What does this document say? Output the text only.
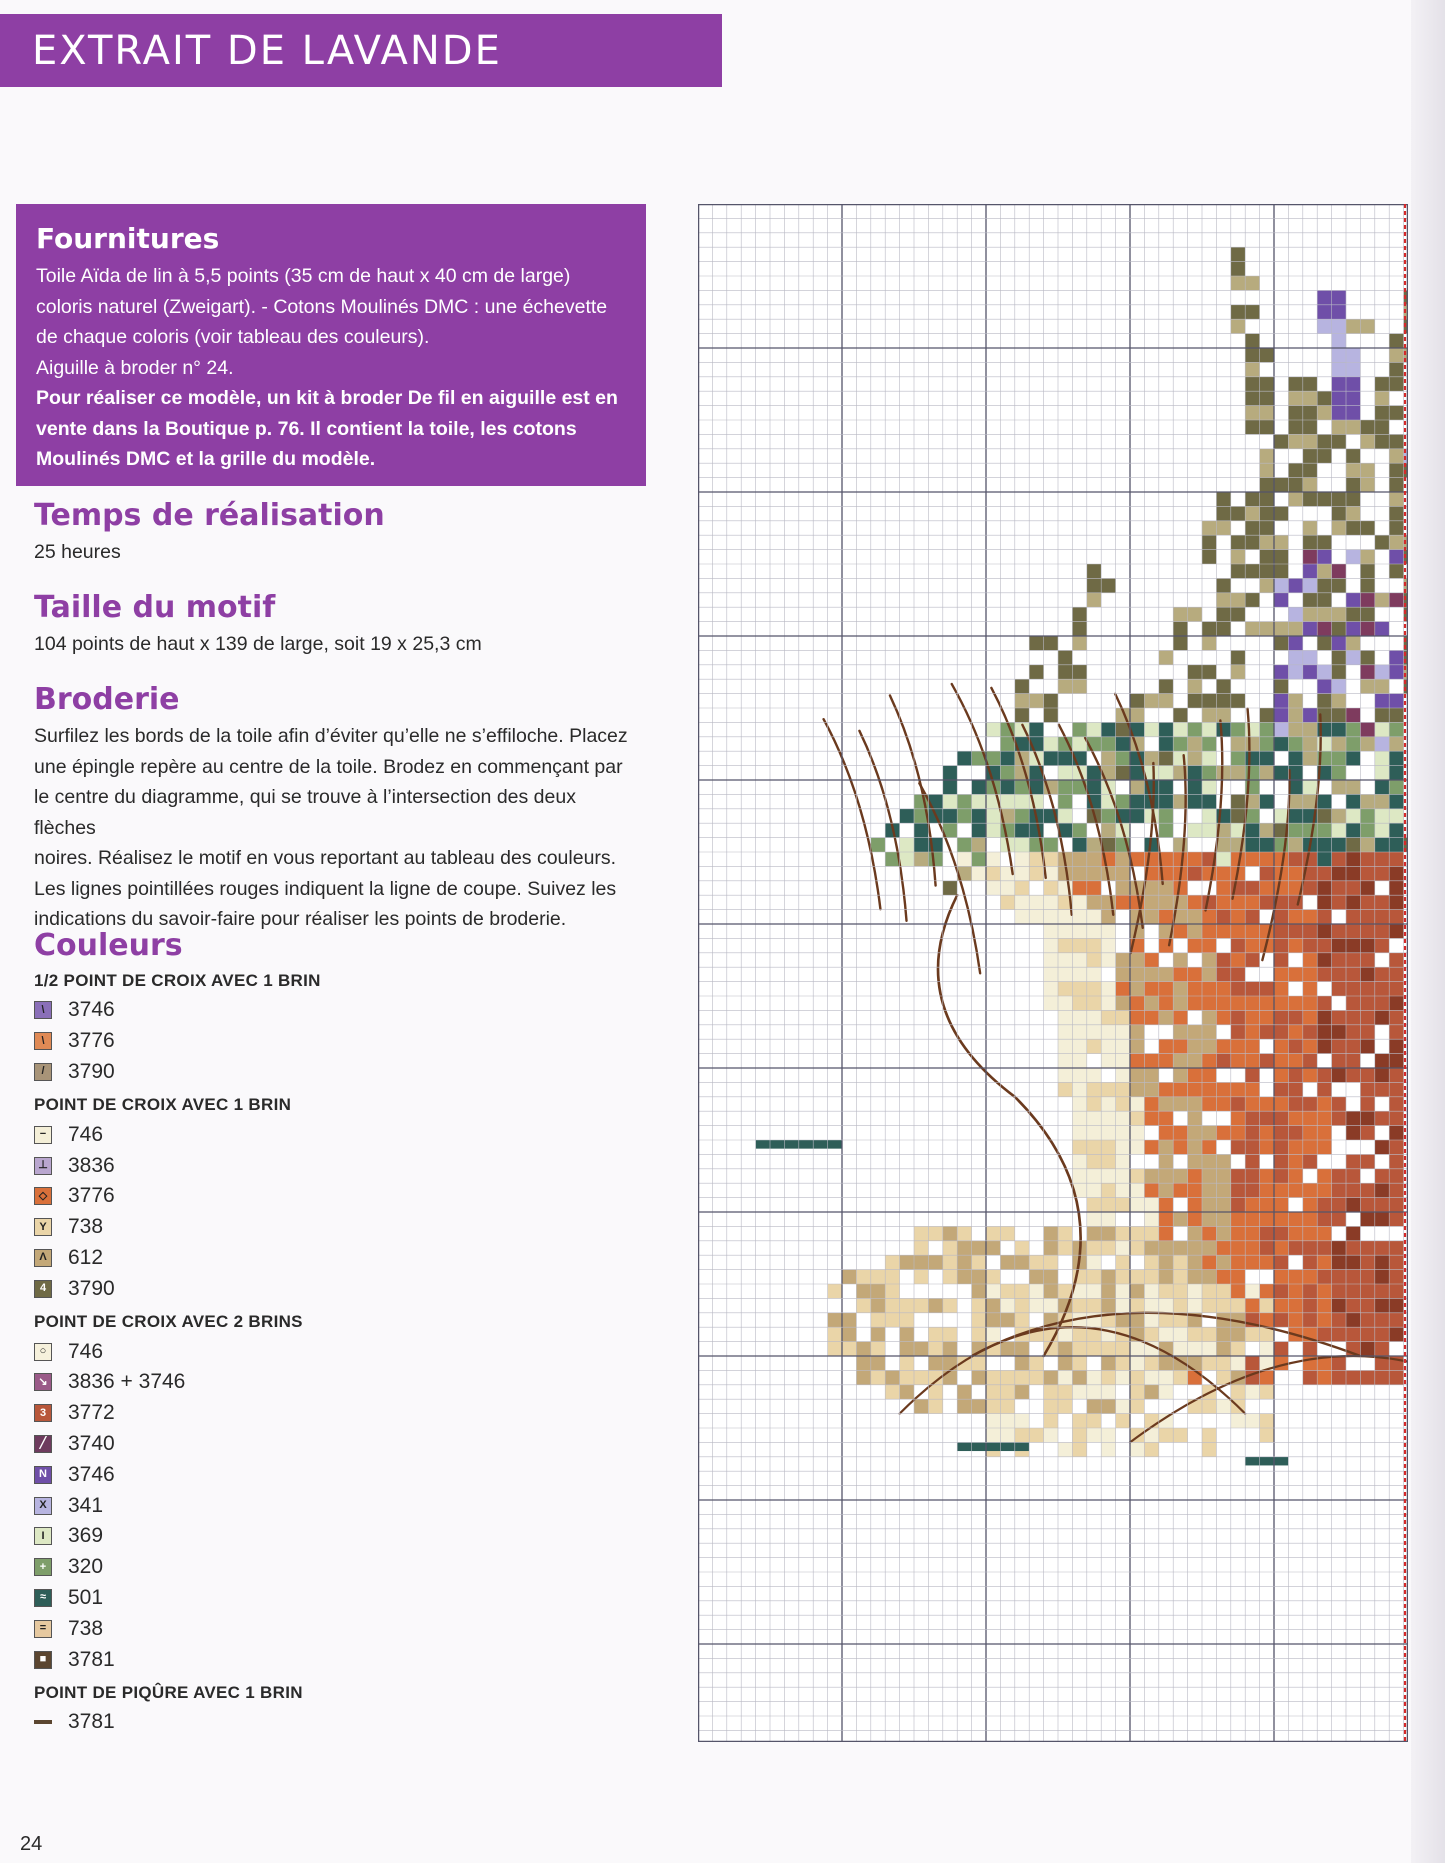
EXTRAIT DE LAVANDE
Fournitures

Toile Aïda de lin à 5,5 points (35 cm de haut x 40 cm de large)

coloris naturel (Zweigart). - Cotons Moulinés DMC : une échevette

de chaque coloris (voir tableau des couleurs).

Aiguille à broder n° 24.

Pour réaliser ce modèle, un kit à broder De fil en aiguille est en

vente dans la Boutique p. 76. Il contient la toile, les cotons

Moulinés DMC et la grille du modèle.

Temps de réalisation

25 heures

Taille du motif

104 points de haut x 139 de large, soit 19 x 25,3 cm

Broderie

Surfilez les bords de la toile afin d’éviter qu’elle ne s’effiloche. Placez
une épingle repère au centre de la toile. Brodez en commençant par
le centre du diagramme, qui se trouve à l’intersection des deux flèches
noires. Réalisez le motif en vous reportant au tableau des couleurs.
Les lignes pointillées rouges indiquent la ligne de coupe. Suivez les
indications du savoir-faire pour réaliser les points de broderie.

Couleurs
1/2 POINT DE CROIX AVEC 1 BRIN
\	3746
\	3776
/	3790
POINT DE CROIX AVEC 1 BRIN
− 746
⊥ 3836
◇ 3776
Y 738
Λ 612
4 3790
POINT DE CROIX AVEC 2 BRINS
○ 746
↘ 3836 + 3746
3 3772
╱ 3740
N 3746
X 341
I	369
+ 320
≈ 501
= 738
■ 3781
POINT DE PIQÛRE AVEC 1 BRIN
3781
24
